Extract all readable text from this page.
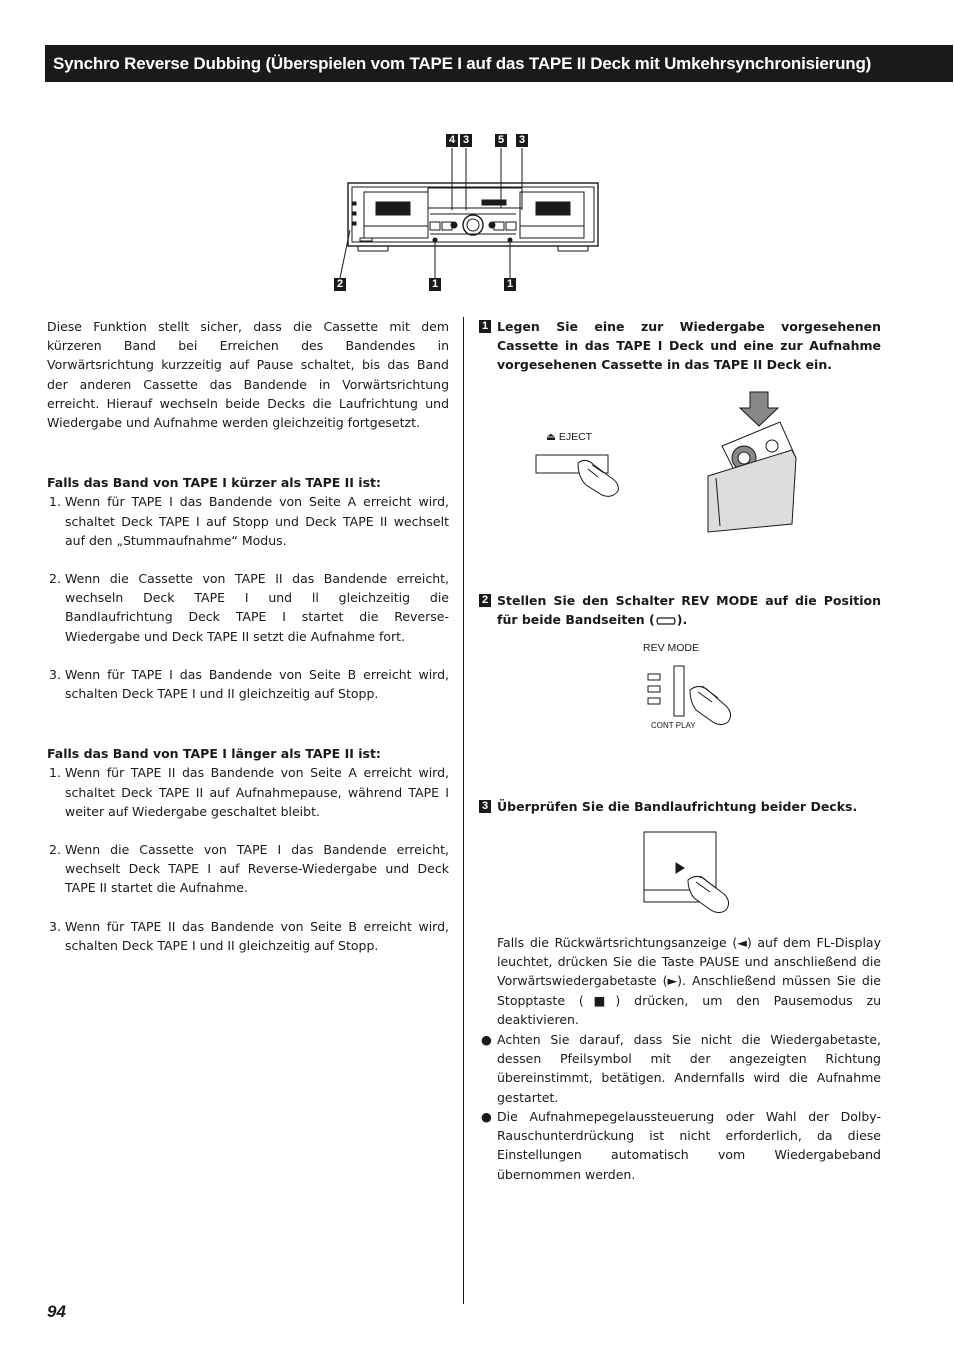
Synchro Reverse Dubbing (Überspielen vom TAPE I auf das TAPE II Deck mit Umkehrsynchronisierung)
4 3	5 3
2	1	1

Diese Funktion stellt sicher, dass die Cassette mit dem kürzeren Band bei Erreichen des Bandendes in Vorwärtsrichtung kurzzeitig auf Pause schaltet, bis das Band der anderen Cassette das Bandende in Vorwärtsrichtung erreicht. Hierauf wechseln beide Decks die Laufrichtung und Wiedergabe und Aufnahme werden gleichzeitig fortgesetzt.

Falls das Band von TAPE I kürzer als TAPE II ist:

1. Wenn für TAPE I das Bandende von Seite A erreicht wird, schaltet Deck TAPE I auf Stopp und Deck TAPE II wechselt auf den „Stummaufnahme“ Modus.
2. Wenn die Cassette von TAPE II das Bandende erreicht, wechseln Deck TAPE I und ll gleichzeitig die Bandlaufrichtung Deck TAPE I startet die Reverse-Wiedergabe und Deck TAPE II setzt die Aufnahme fort.
3. Wenn für TAPE I das Bandende von Seite B erreicht wird, schalten Deck TAPE I und II gleichzeitig auf Stopp.

Falls das Band von TAPE I länger als TAPE II ist:

1. Wenn für TAPE II das Bandende von Seite A erreicht wird, schaltet Deck TAPE II auf Aufnahmepause, während TAPE I weiter auf Wiedergabe geschaltet bleibt.
2. Wenn die Cassette von TAPE I das Bandende erreicht, wechselt Deck TAPE I auf Reverse-Wiedergabe und Deck TAPE II startet die Aufnahme.
3. Wenn für TAPE II das Bandende von Seite B erreicht wird, schalten Deck TAPE I und II gleichzeitig auf Stopp.
1 Legen Sie eine zur Wiedergabe vorgesehenen Cassette in das TAPE I Deck und eine zur Aufnahme vorgesehenen Cassette in das TAPE II Deck ein.
⏏ EJECT
2 Stellen Sie den Schalter REV MODE auf die Position für beide Bandseiten ( ).
REV MODE
CONT PLAY
3 Überprüfen Sie die Bandlaufrichtung beider Decks.

Falls die Rückwärtsrichtungsanzeige (◄) auf dem FL-Display leuchtet, drücken Sie die Taste PAUSE und anschließend die Vorwärtswiedergabetaste (►). Anschließend müssen Sie die Stopptaste (■) drücken, um den Pausemodus zu deaktivieren.

● Achten Sie darauf, dass Sie nicht die Wiedergabetaste, dessen Pfeilsymbol mit der angezeigten Richtung übereinstimmt, betätigen. Andernfalls wird die Aufnahme gestartet.
● Die Aufnahmepegelaussteuerung oder Wahl der Dolby-Rauschunterdrückung ist nicht erforderlich, da diese Einstellungen automatisch vom Wiedergabeband übernommen werden.
94
